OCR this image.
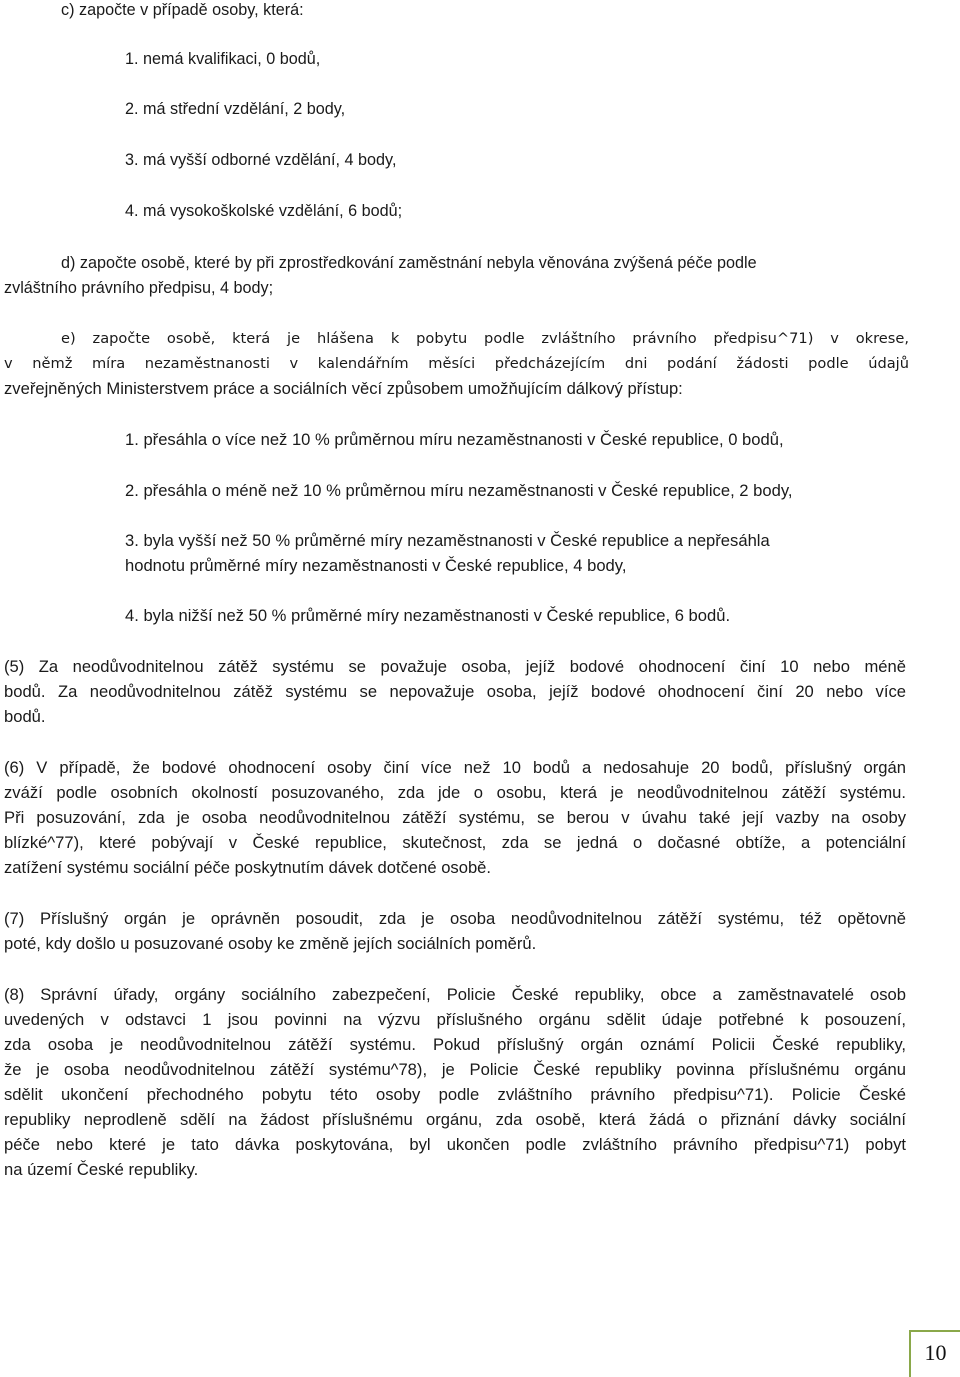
c) započte v případě osoby, která:

1. nemá kvalifikaci, 0 bodů,

2. má střední vzdělání, 2 body,

3. má vyšší odborné vzdělání, 4 body,

4. má vysokoškolské vzdělání, 6 bodů;

d) započte osobě, které by při zprostředkování zaměstnání nebyla věnována zvýšená péče podle

zvláštního právního předpisu, 4 body;

e) započte osobě, která je hlášena k pobytu podle zvláštního právního předpisu^71) v okrese,

v němž míra nezaměstnanosti v kalendářním měsíci předcházejícím dni podání žádosti podle údajů

zveřejněných Ministerstvem práce a sociálních věcí způsobem umožňujícím dálkový přístup:

1. přesáhla o více než 10 % průměrnou míru nezaměstnanosti v České republice, 0 bodů,

2. přesáhla o méně než 10 % průměrnou míru nezaměstnanosti v České republice, 2 body,

3. byla vyšší než 50 % průměrné míry nezaměstnanosti v České republice a nepřesáhla

hodnotu průměrné míry nezaměstnanosti v České republice, 4 body,

4. byla nižší než 50 % průměrné míry nezaměstnanosti v České republice, 6 bodů.

(5) Za neodůvodnitelnou zátěž systému se považuje osoba, jejíž bodové ohodnocení činí 10 nebo méně

bodů. Za neodůvodnitelnou zátěž systému se nepovažuje osoba, jejíž bodové ohodnocení činí 20 nebo více

bodů.

(6) V případě, že bodové ohodnocení osoby činí více než 10 bodů a nedosahuje 20 bodů, příslušný orgán

zváží podle osobních okolností posuzovaného, zda jde o osobu, která je neodůvodnitelnou zátěží systému.

Při posuzování, zda je osoba neodůvodnitelnou zátěží systému, se berou v úvahu také její vazby na osoby

blízké^77), které pobývají v České republice, skutečnost, zda se jedná o dočasné obtíže, a potenciální

zatížení systému sociální péče poskytnutím dávek dotčené osobě.

(7) Příslušný orgán je oprávněn posoudit, zda je osoba neodůvodnitelnou zátěží systému, též opětovně

poté, kdy došlo u posuzované osoby ke změně jejích sociálních poměrů.

(8) Správní úřady, orgány sociálního zabezpečení, Policie České republiky, obce a zaměstnavatelé osob

uvedených v odstavci 1 jsou povinni na výzvu příslušného orgánu sdělit údaje potřebné k posouzení,

zda osoba je neodůvodnitelnou zátěží systému. Pokud příslušný orgán oznámí Policii České republiky,

že je osoba neodůvodnitelnou zátěží systému^78), je Policie České republiky povinna příslušnému orgánu

sdělit ukončení přechodného pobytu této osoby podle zvláštního právního předpisu^71). Policie České

republiky neprodleně sdělí na žádost příslušnému orgánu, zda osobě, která žádá o přiznání dávky sociální

péče nebo které je tato dávka poskytována, byl ukončen podle zvláštního právního předpisu^71) pobyt

na území České republiky.

10
